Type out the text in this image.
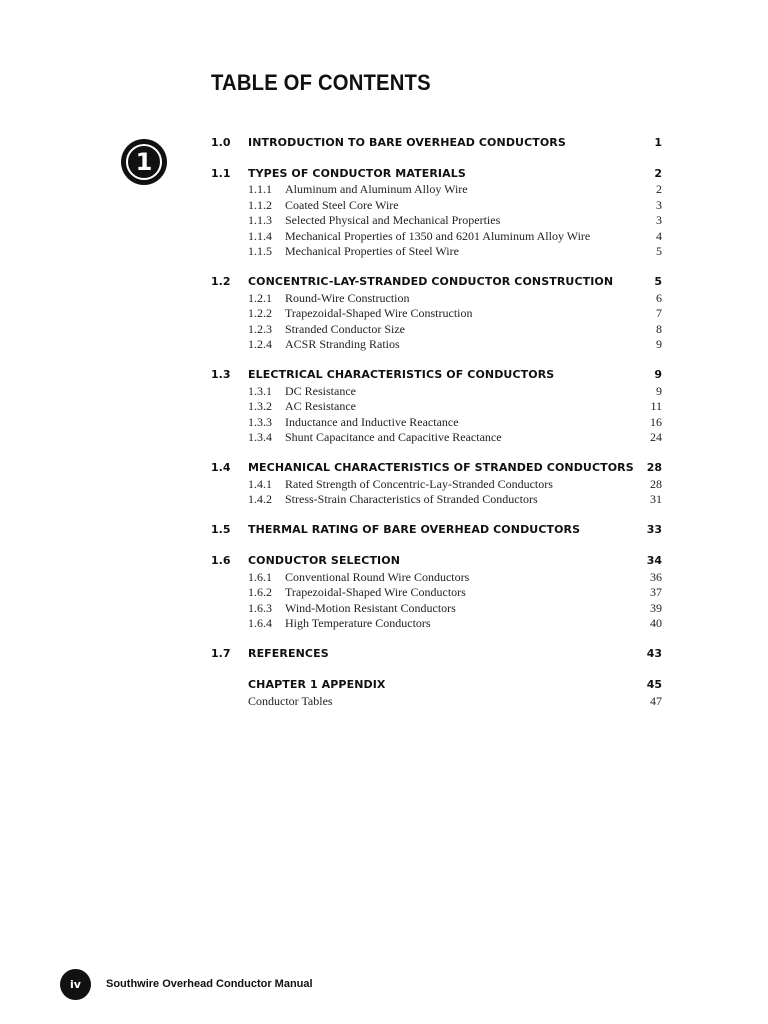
TABLE OF CONTENTS
1
1.0 INTRODUCTION TO BARE OVERHEAD CONDUCTORS	1
1.1 TYPES OF CONDUCTOR MATERIALS	2
1.1.1 Aluminum and Aluminum Alloy Wire	2
1.1.2 Coated Steel Core Wire	3
1.1.3 Selected Physical and Mechanical Properties	3
1.1.4 Mechanical Properties of 1350 and 6201 Aluminum Alloy Wire	4
1.1.5 Mechanical Properties of Steel Wire	5
1.2 CONCENTRIC-LAY-STRANDED CONDUCTOR CONSTRUCTION	5
1.2.1 Round-Wire Construction	6
1.2.2 Trapezoidal-Shaped Wire Construction	7
1.2.3 Stranded Conductor Size	8
1.2.4 ACSR Stranding Ratios	9
1.3 ELECTRICAL CHARACTERISTICS OF CONDUCTORS	9
1.3.1 DC Resistance	9
1.3.2 AC Resistance	11
1.3.3 Inductance and Inductive Reactance	16
1.3.4 Shunt Capacitance and Capacitive Reactance	24
1.4 MECHANICAL CHARACTERISTICS OF STRANDED CONDUCTORS 28
1.4.1 Rated Strength of Concentric-Lay-Stranded Conductors	28
1.4.2 Stress-Strain Characteristics of Stranded Conductors	31
1.5 THERMAL RATING OF BARE OVERHEAD CONDUCTORS	33
1.6 CONDUCTOR SELECTION	34
1.6.1 Conventional Round Wire Conductors	36
1.6.2 Trapezoidal-Shaped Wire Conductors	37
1.6.3 Wind-Motion Resistant Conductors	39
1.6.4 High Temperature Conductors	40
1.7 REFERENCES	43
CHAPTER 1 APPENDIX	45
Conductor Tables	47
iv	Southwire Overhead Conductor Manual
